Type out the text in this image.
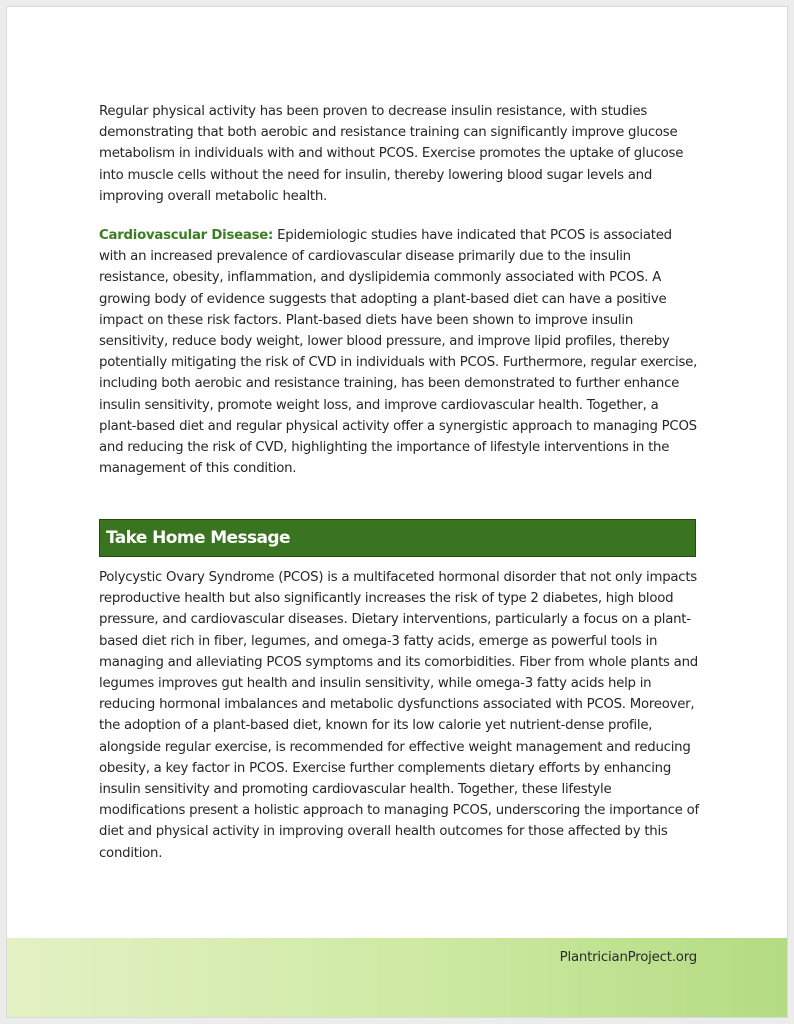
Regular physical activity has been proven to decrease insulin resistance, with studies demonstrating that both aerobic and resistance training can significantly improve glucose metabolism in individuals with and without PCOS. Exercise promotes the uptake of glucose into muscle cells without the need for insulin, thereby lowering blood sugar levels and improving overall metabolic health.

Cardiovascular Disease: Epidemiologic studies have indicated that PCOS is associated with an increased prevalence of cardiovascular disease primarily due to the insulin resistance, obesity, inflammation, and dyslipidemia commonly associated with PCOS. A growing body of evidence suggests that adopting a plant-based diet can have a positive impact on these risk factors. Plant-based diets have been shown to improve insulin sensitivity, reduce body weight, lower blood pressure, and improve lipid profiles, thereby potentially mitigating the risk of CVD in individuals with PCOS. Furthermore, regular exercise, including both aerobic and resistance training, has been demonstrated to further enhance insulin sensitivity, promote weight loss, and improve cardiovascular health. Together, a plant-based diet and regular physical activity offer a synergistic approach to managing PCOS and reducing the risk of CVD, highlighting the importance of lifestyle interventions in the management of this condition.

Take Home Message

Polycystic Ovary Syndrome (PCOS) is a multifaceted hormonal disorder that not only impacts reproductive health but also significantly increases the risk of type 2 diabetes, high blood pressure, and cardiovascular diseases. Dietary interventions, particularly a focus on a plant-based diet rich in fiber, legumes, and omega-3 fatty acids, emerge as powerful tools in managing and alleviating PCOS symptoms and its comorbidities. Fiber from whole plants and legumes improves gut health and insulin sensitivity, while omega-3 fatty acids help in reducing hormonal imbalances and metabolic dysfunctions associated with PCOS. Moreover, the adoption of a plant-based diet, known for its low calorie yet nutrient-dense profile, alongside regular exercise, is recommended for effective weight management and reducing obesity, a key factor in PCOS. Exercise further complements dietary efforts by enhancing insulin sensitivity and promoting cardiovascular health. Together, these lifestyle modifications present a holistic approach to managing PCOS, underscoring the importance of diet and physical activity in improving overall health outcomes for those affected by this condition.

PlantricianProject.org
